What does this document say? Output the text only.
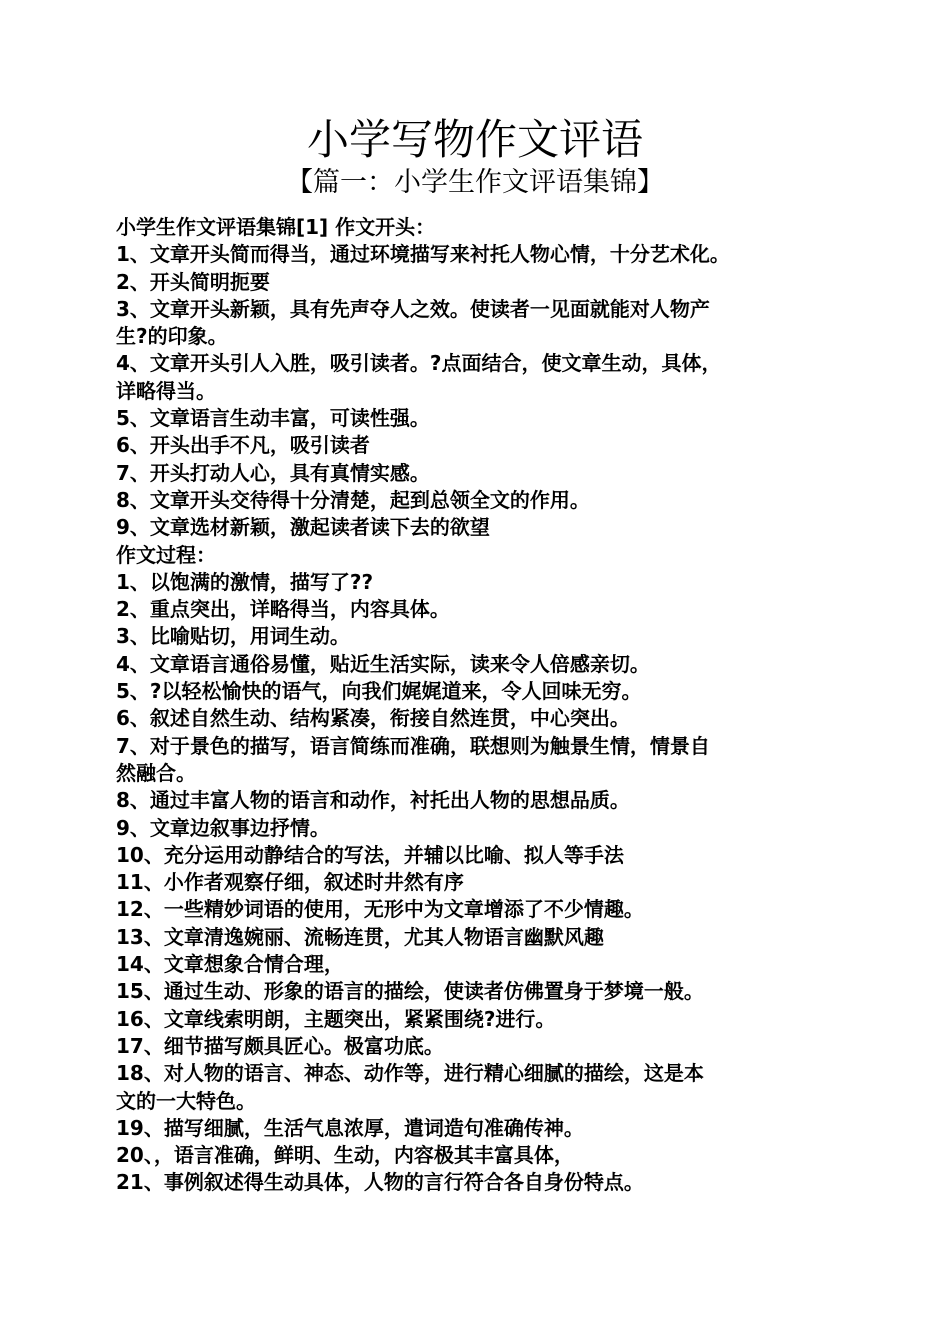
小学写物作文评语
【篇一：小学生作文评语集锦】
小学生作文评语集锦[1] 作文开头：
1、文章开头简而得当，通过环境描写来衬托人物心情，十分艺术化。
2、开头简明扼要
3、文章开头新颖，具有先声夺人之效。使读者一见面就能对人物产
生?的印象。
4、文章开头引人入胜，吸引读者。?点面结合，使文章生动，具体，
详略得当。
5、文章语言生动丰富，可读性强。
6、开头出手不凡，吸引读者
7、开头打动人心，具有真情实感。
8、文章开头交待得十分清楚，起到总领全文的作用。
9、文章选材新颖，激起读者读下去的欲望
作文过程：
1、以饱满的激情，描写了??
2、重点突出，详略得当，内容具体。
3、比喻贴切，用词生动。
4、文章语言通俗易懂，贴近生活实际，读来令人倍感亲切。
5、?以轻松愉快的语气，向我们娓娓道来，令人回味无穷。
6、叙述自然生动、结构紧凑，衔接自然连贯，中心突出。
7、对于景色的描写，语言简练而准确，联想则为触景生情，情景自
然融合。
8、通过丰富人物的语言和动作，衬托出人物的思想品质。
9、文章边叙事边抒情。
10、充分运用动静结合的写法，并辅以比喻、拟人等手法
11、小作者观察仔细，叙述时井然有序
12、一些精妙词语的使用，无形中为文章增添了不少情趣。
13、文章清逸婉丽、流畅连贯，尤其人物语言幽默风趣
14、文章想象合情合理，
15、通过生动、形象的语言的描绘，使读者仿佛置身于梦境一般。
16、文章线索明朗，主题突出，紧紧围绕?进行。
17、细节描写颇具匠心。极富功底。
18、对人物的语言、神态、动作等，进行精心细腻的描绘，这是本
文的一大特色。
19、描写细腻，生活气息浓厚，遣词造句准确传神。
20、，语言准确，鲜明、生动，内容极其丰富具体，
21、事例叙述得生动具体，人物的言行符合各自身份特点。
